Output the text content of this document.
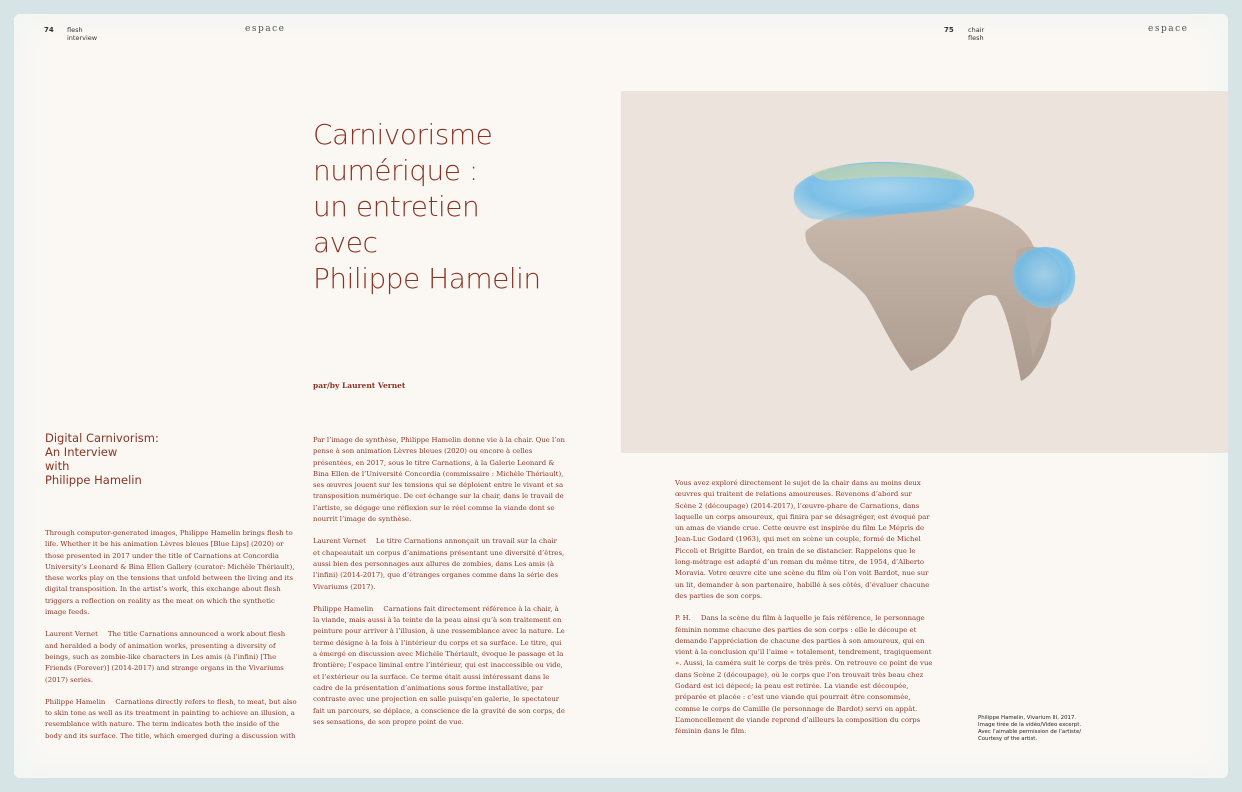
74 flesh
interview
espace	75 chair
flesh
espace
Carnivorisme
numérique :
un entretien
avec
Philippe Hamelin
par/by Laurent Vernet
Digital Carnivorism:
An Interview
with
Philippe Hamelin

Through computer-generated images, Philippe Hamelin brings flesh to life. Whether it be his animation Lèvres bleues [Blue Lips] (2020) or those presented in 2017 under the title of Carnations at Concordia University’s Leonard & Bina Ellen Gallery (curator: Michèle Thériault), these works play on the tensions that unfold between the living and its digital transposition. In the artist’s work, this exchange about flesh triggers a reflection on reality as the meat on which the synthetic image feeds.

Laurent Vernet The title Carnations announced a work about flesh and heralded a body of animation works, presenting a diversity of beings, such as zombie-like characters in Les amis (à l’infini) [The Friends (Forever)] (2014-2017) and strange organs in the Vivariums (2017) series.

Philippe Hamelin Carnations directly refers to flesh, to meat, but also to skin tone as well as its treatment in painting to achieve an illusion, a resemblance with nature. The term indicates both the inside of the body and its surface. The title, which emerged during a discussion with

Par l’image de synthèse, Philippe Hamelin donne vie à la chair. Que l’on pense à son animation Lèvres bleues (2020) ou encore à celles présentées, en 2017, sous le titre Carnations, à la Galerie Leonard & Bina Ellen de l’Université Concordia (commissaire : Michèle Thériault), ses œuvres jouent sur les tensions qui se déploient entre le vivant et sa transposition numérique. De cet échange sur la chair, dans le travail de l’artiste, se dégage une réflexion sur le réel comme la viande dont se nourrit l’image de synthèse.

Laurent Vernet Le titre Carnations annonçait un travail sur la chair et chapeautait un corpus d’animations présentant une diversité d’êtres, aussi bien des personnages aux allures de zombies, dans Les amis (à l’infini) (2014-2017), que d’étranges organes comme dans la série des Vivariums (2017).

Philippe Hamelin Carnations fait directement référence à la chair, à la viande, mais aussi à la teinte de la peau ainsi qu’à son traitement en peinture pour arriver à l’illusion, à une ressemblance avec la nature. Le terme désigne à la fois à l’intérieur du corps et sa surface. Le titre, qui a émergé en discussion avec Michèle Thériault, évoque le passage et la frontière; l’espace liminal entre l’intérieur, qui est inaccessible ou vide, et l’extérieur ou la surface. Ce terme était aussi intéressant dans le cadre de la présentation d’animations sous forme installative, par contraste avec une projection en salle puisqu’en galerie, le spectateur fait un parcours, se déplace, a conscience de la gravité de son corps, de ses sensations, de son propre point de vue.

Vous avez exploré directement le sujet de la chair dans au moins deux œuvres qui traitent de relations amoureuses. Revenons d’abord sur Scène 2 (découpage) (2014-2017), l’œuvre-phare de Carnations, dans laquelle un corps amoureux, qui finira par se désagréger, est évoqué par un amas de viande crue. Cette œuvre est inspirée du film Le Mépris de Jean-Luc Godard (1963), qui met en scène un couple, formé de Michel Piccoli et Brigitte Bardot, en train de se distancier. Rappelons que le long-métrage est adapté d’un roman du même titre, de 1954, d’Alberto Moravia. Votre œuvre cite une scène du film où l’on voit Bardot, nue sur un lit, demander à son partenaire, habillé à ses côtés, d’évaluer chacune des parties de son corps.

P. H. Dans la scène du film à laquelle je fais référence, le personnage féminin nomme chacune des parties de son corps : elle le découpe et demande l’appréciation de chacune des parties à son amoureux, qui en vient à la conclusion qu’il l’aime « totalement, tendrement, tragiquement ». Aussi, la caméra suit le corps de très près. On retrouve ce point de vue dans Scène 2 (découpage), où le corps que l’on trouvait très beau chez Godard est ici dépecé; la peau est retirée. La viande est découpée, préparée et placée : c’est une viande qui pourrait être consommée, comme le corps de Camille (le personnage de Bardot) servi en appât. L’amoncellement de viande reprend d’ailleurs la composition du corps féminin dans le film.

Philippe Hamelin, Vivarium III, 2017.
Image tirée de la vidéo/Video excerpt.
Avec l’aimable permission de l’artiste/
Courtesy of the artist.
